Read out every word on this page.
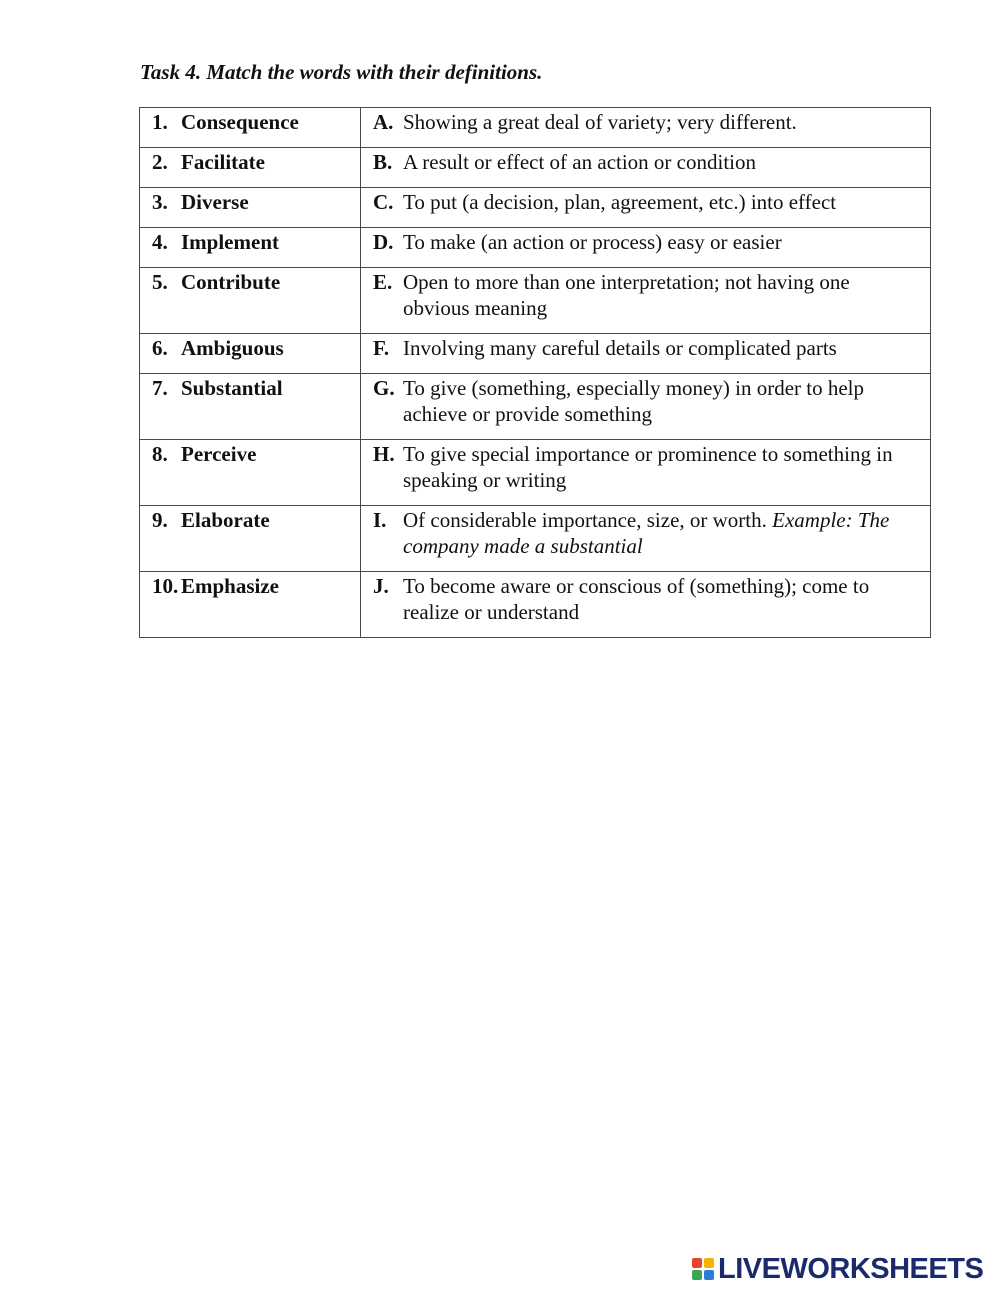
Task 4. Match the words with their definitions.
1. Consequence	A. Showing a great deal of variety; very different.

2. Facilitate	B. A result or effect of an action or condition

3. Diverse	C. To put (a decision, plan, agreement, etc.) into effect

4. Implement	D. To make (an action or process) easy or easier

5. Contribute	E. Open to more than one interpretation; not having one obvious meaning

6. Ambiguous	F. Involving many careful details or complicated parts

7. Substantial	G. To give (something, especially money) in order to help achieve or provide something

8. Perceive	H. To give special importance or prominence to something in speaking or writing

9. Elaborate	I. Of considerable importance, size, or worth. Example: The company made a substantial

10. Emphasize	J. To become aware or conscious of (something); come to realize or understand
LIVEWORKSHEETS
